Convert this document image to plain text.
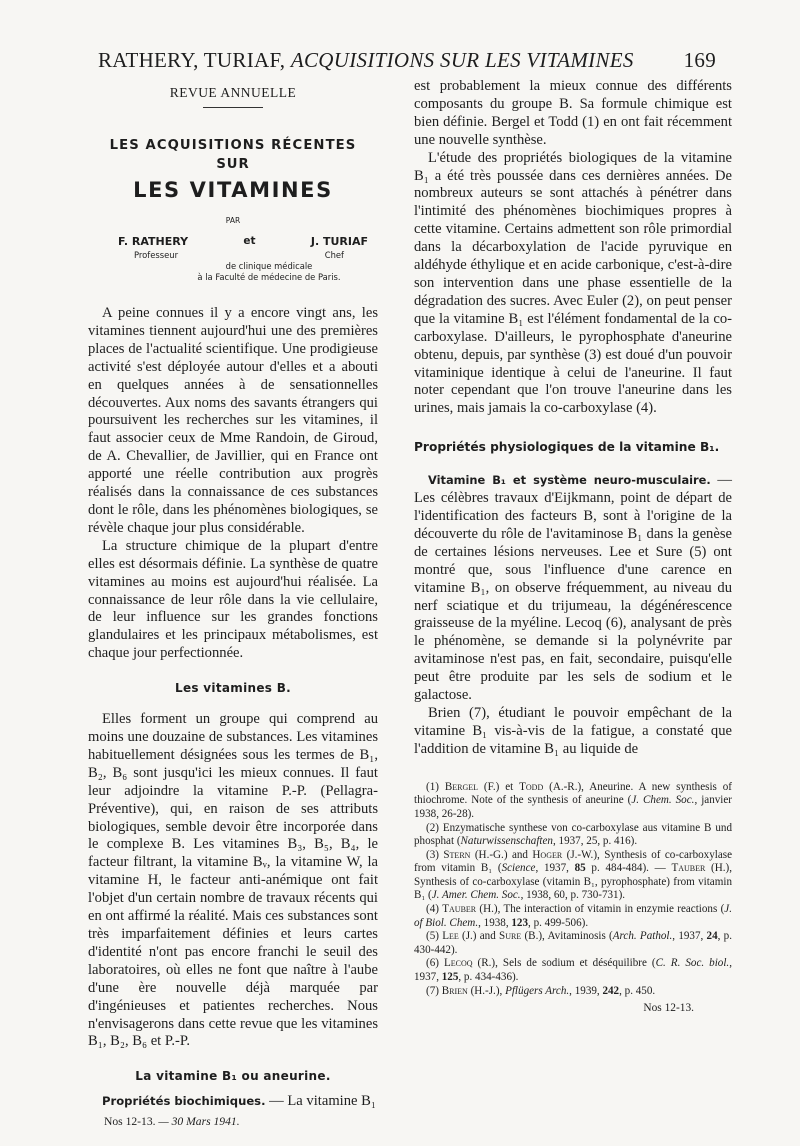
RATHERY, TURIAF, ACQUISITIONS SUR LES VITAMINES 169
REVUE ANNUELLE
LES ACQUISITIONS RÉCENTES
SUR
LES VITAMINES
PAR
F. RATHERY	et	J. TURIAF
Professeur	Chef
de clinique médicale
à la Faculté de médecine de Paris.

A peine connues il y a encore vingt ans, les vitamines tiennent aujourd'hui une des premières places de l'actualité scientifique. Une prodigieuse activité s'est déployée autour d'elles et a abouti en quelques années à de sensationnelles découvertes. Aux noms des savants étrangers qui poursuivent les recherches sur les vitamines, il faut associer ceux de Mme Randoin, de Giroud, de A. Chevallier, de Javillier, qui en France ont apporté une réelle contribution aux progrès réalisés dans la connaissance de ces substances dont le rôle, dans les phénomènes biologiques, se révèle chaque jour plus considérable.

La structure chimique de la plupart d'entre elles est désormais définie. La synthèse de quatre vitamines au moins est aujourd'hui réalisée. La connaissance de leur rôle dans la vie cellulaire, de leur influence sur les grandes fonctions glandulaires et les principaux métabolismes, est chaque jour perfectionnée.

Les vitamines B.

Elles forment un groupe qui comprend au moins une douzaine de substances. Les vitamines habituellement désignées sous les termes de B₁, B₂, B₆ sont jusqu'ici les mieux connues. Il faut leur adjoindre la vitamine P.-P. (Pellagra-Préventive), qui, en raison de ses attributs biologiques, semble devoir être incorporée dans le complexe B. Les vitamines B₃, B₅, B₄, le facteur filtrant, la vitamine Bᵥ, la vitamine W, la vitamine H, le facteur anti-anémique ont fait l'objet d'un certain nombre de travaux récents qui en ont affirmé la réalité. Mais ces substances sont très imparfaitement définies et leurs cartes d'identité n'ont pas encore franchi le seuil des laboratoires, où elles ne font que naître à l'aube d'une ère nouvelle déjà marquée par d'ingénieuses et patientes recherches. Nous n'envisagerons dans cette revue que les vitamines B₁, B₂, B₆ et P.-P.

La vitamine B₁ ou aneurine.

Propriétés biochimiques. — La vitamine B₁

Nos 12-13. — 30 Mars 1941.

est probablement la mieux connue des différents composants du groupe B. Sa formule chimique est bien définie. Bergel et Todd (1) en ont fait récemment une nouvelle synthèse.

L'étude des propriétés biologiques de la vitamine B₁ a été très poussée dans ces dernières années. De nombreux auteurs se sont attachés à pénétrer dans l'intimité des phénomènes biochimiques propres à cette vitamine. Certains admettent son rôle primordial dans la décarboxylation de l'acide pyruvique en aldéhyde éthylique et en acide carbonique, c'est-à-dire son intervention dans une phase essentielle de la dégradation des sucres. Avec Euler (2), on peut penser que la vitamine B₁ est l'élément fondamental de la co-carboxylase. D'ailleurs, le pyrophosphate d'aneurine obtenu, depuis, par synthèse (3) est doué d'un pouvoir vitaminique identique à celui de l'aneurine. Il faut noter cependant que l'on trouve l'aneurine dans les urines, mais jamais la co-carboxylase (4).

Propriétés physiologiques de la vitamine B₁.

Vitamine B₁ et système neuro-musculaire. — Les célèbres travaux d'Eijkmann, point de départ de l'identification des facteurs B, sont à l'origine de la découverte du rôle de l'avitaminose B₁ dans la genèse de certaines lésions nerveuses. Lee et Sure (5) ont montré que, sous l'influence d'une carence en vitamine B₁, on observe fréquemment, au niveau du nerf sciatique et du trijumeau, la dégénérescence graisseuse de la myéline. Lecoq (6), analysant de près le phénomène, se demande si la polynévrite par avitaminose n'est pas, en fait, secondaire, puisqu'elle peut être produite par les sels de sodium et le galactose.

Brien (7), étudiant le pouvoir empêchant de la vitamine B₁ vis-à-vis de la fatigue, a constaté que l'addition de vitamine B₁ au liquide de

(1) Bergel (F.) et Todd (A.-R.), Aneurine. A new synthesis of thiochrome. Note of the synthesis of aneurine (J. Chem. Soc., janvier 1938, 26-28).

(2) Enzymatische synthese von co-carboxylase aus vitamine B und phosphat (Naturwissenschaften, 1937, 25, p. 416).

(3) Stern (H.-G.) and Hoger (J.-W.), Synthesis of co-carboxylase from vitamin B₁ (Science, 1937, 85 p. 484-484). — Tauber (H.), Synthesis of co-carboxylase (vitamin B₁, pyrophosphate) from vitamin B₁ (J. Amer. Chem. Soc., 1938, 60, p. 730-731).

(4) Tauber (H.), The interaction of vitamin in enzymie reactions (J. of Biol. Chem., 1938, 123, p. 499-506).

(5) Lee (J.) and Sure (B.), Avitaminosis (Arch. Pathol., 1937, 24, p. 430-442).

(6) Lecoq (R.), Sels de sodium et déséquilibre (C. R. Soc. biol., 1937, 125, p. 434-436).

(7) Brien (H.-J.), Pflügers Arch., 1939, 242, p. 450.

Nos 12-13.
